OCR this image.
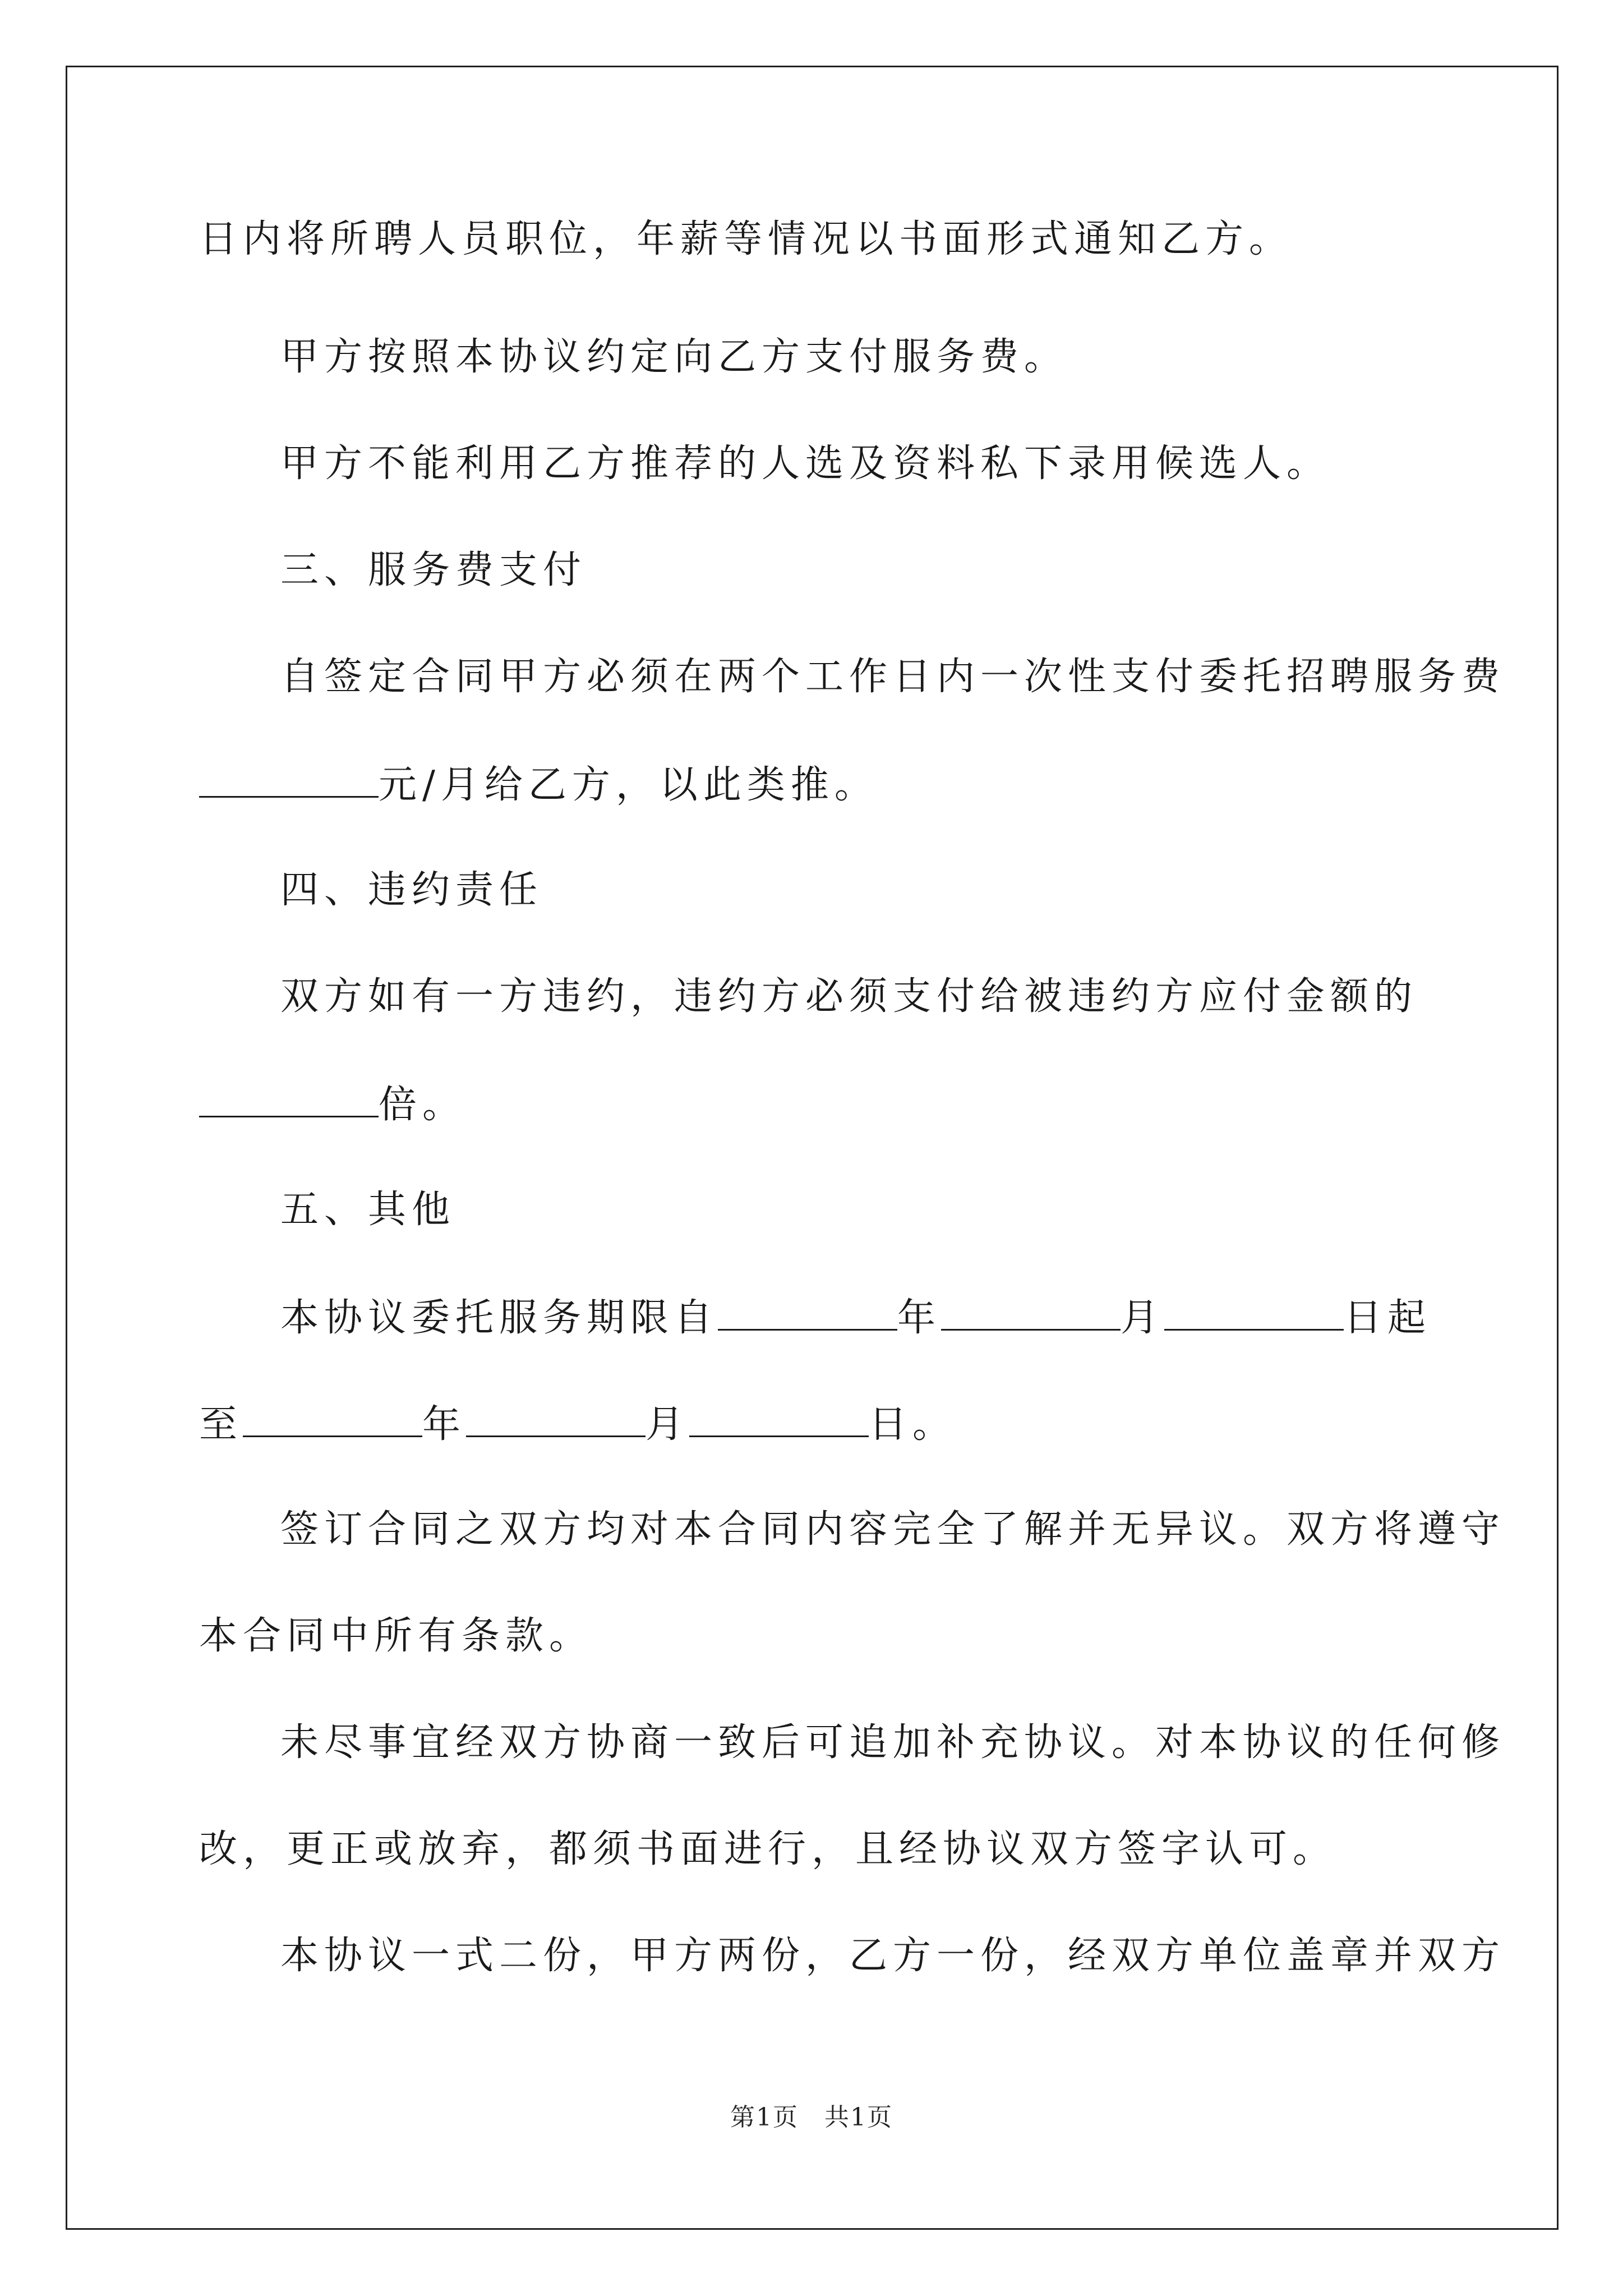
日内将所聘人员职位，年薪等情况以书面形式通知乙方。

甲方按照本协议约定向乙方支付服务费。

甲方不能利用乙方推荐的人选及资料私下录用候选人。

三、服务费支付

自签定合同甲方必须在两个工作日内一次性支付委托招聘服务费

元/月给乙方，以此类推。

四、违约责任

双方如有一方违约，违约方必须支付给被违约方应付金额的

倍。

五、其他

本协议委托服务期限自	年	月	日起

至	年	月	日。

签订合同之双方均对本合同内容完全了解并无异议。双方将遵守

本合同中所有条款。

未尽事宜经双方协商一致后可追加补充协议。对本协议的任何修

改，更正或放弃，都须书面进行，且经协议双方签字认可。

本协议一式二份，甲方两份，乙方一份，经双方单位盖章并双方

第1页　共1页
